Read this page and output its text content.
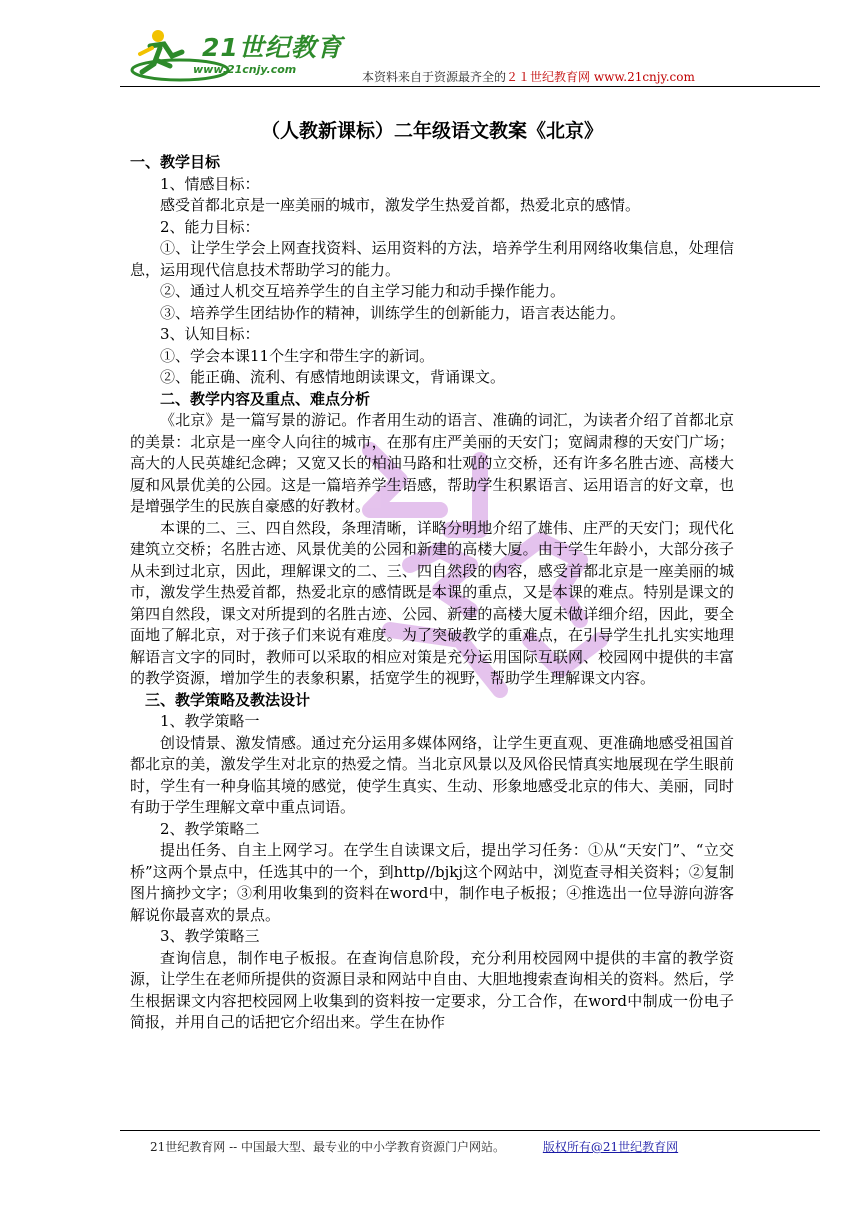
21世纪教育
www.21cnjy.com
本资料来自于资源最齐全的２１世纪教育网 www.21cnjy.com
（人教新课标）二年级语文教案《北京》
一、教学目标
1、情感目标：
感受首都北京是一座美丽的城市，激发学生热爱首都，热爱北京的感情。
2、能力目标：
①、让学生学会上网查找资料、运用资料的方法，培养学生利用网络收集信息，处理信息，运用现代信息技术帮助学习的能力。
②、通过人机交互培养学生的自主学习能力和动手操作能力。
③、培养学生团结协作的精神，训练学生的创新能力，语言表达能力。
3、认知目标：
①、学会本课11个生字和带生字的新词。
②、能正确、流利、有感情地朗读课文，背诵课文。
二、教学内容及重点、难点分析
《北京》是一篇写景的游记。作者用生动的语言、准确的词汇，为读者介绍了首都北京的美景：北京是一座令人向往的城市，在那有庄严美丽的天安门；宽阔肃穆的天安门广场；高大的人民英雄纪念碑；又宽又长的柏油马路和壮观的立交桥，还有许多名胜古迹、高楼大厦和风景优美的公园。这是一篇培养学生语感，帮助学生积累语言、运用语言的好文章，也是增强学生的民族自豪感的好教材。
本课的二、三、四自然段，条理清晰，详略分明地介绍了雄伟、庄严的天安门；现代化建筑立交桥；名胜古迹、风景优美的公园和新建的高楼大厦。由于学生年龄小，大部分孩子从未到过北京，因此，理解课文的二、三、四自然段的内容，感受首都北京是一座美丽的城市，激发学生热爱首都，热爱北京的感情既是本课的重点，又是本课的难点。特别是课文的第四自然段，课文对所提到的名胜古迹、公园、新建的高楼大厦未做详细介绍，因此，要全面地了解北京，对于孩子们来说有难度。为了突破教学的重难点，在引导学生扎扎实实地理解语言文字的同时，教师可以采取的相应对策是充分运用国际互联网、校园网中提供的丰富的教学资源，增加学生的表象积累，括宽学生的视野，帮助学生理解课文内容。
三、教学策略及教法设计
1、教学策略一
创设情景、激发情感。通过充分运用多媒体网络，让学生更直观、更准确地感受祖国首都北京的美，激发学生对北京的热爱之情。当北京风景以及风俗民情真实地展现在学生眼前时，学生有一种身临其境的感觉，使学生真实、生动、形象地感受北京的伟大、美丽，同时有助于学生理解文章中重点词语。
2、教学策略二
提出任务、自主上网学习。在学生自读课文后，提出学习任务：①从“天安门”、“立交桥”这两个景点中，任选其中的一个，到http//bjkj这个网站中，浏览查寻相关资料；②复制图片摘抄文字；③利用收集到的资料在word中，制作电子板报；④推选出一位导游向游客解说你最喜欢的景点。
3、教学策略三
查询信息，制作电子板报。在查询信息阶段，充分利用校园网中提供的丰富的教学资源，让学生在老师所提供的资源目录和网站中自由、大胆地搜索查询相关的资料。然后，学生根据课文内容把校园网上收集到的资料按一定要求，分工合作，在word中制成一份电子简报，并用自己的话把它介绍出来。学生在协作
21世纪教育网 -- 中国最大型、最专业的中小学教育资源门户网站。	版权所有@21世纪教育网
